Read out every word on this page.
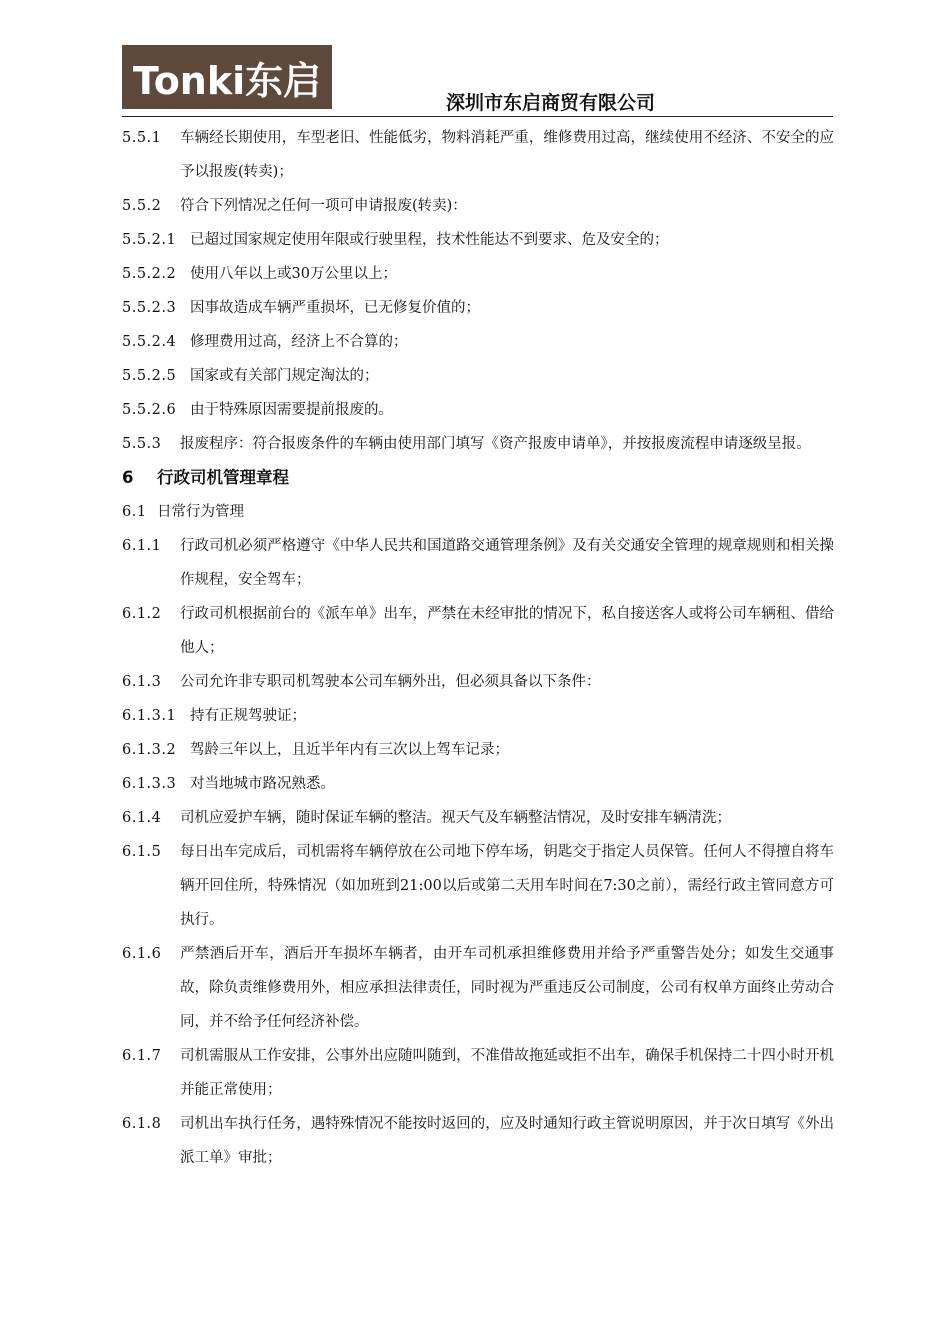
Tonki东启
深圳市东启商贸有限公司
5.5.1 车辆经长期使用，车型老旧、性能低劣，物料消耗严重，维修费用过高，继续使用不经济、不安全的应予以报废(转卖)；
5.5.2 符合下列情况之任何一项可申请报废(转卖)：
5.5.2.1 已超过国家规定使用年限或行驶里程，技术性能达不到要求、危及安全的；
5.5.2.2 使用八年以上或30万公里以上；
5.5.2.3 因事故造成车辆严重损坏，已无修复价值的；
5.5.2.4 修理费用过高，经济上不合算的；
5.5.2.5 国家或有关部门规定淘汰的；
5.5.2.6 由于特殊原因需要提前报废的。
5.5.3 报废程序：符合报废条件的车辆由使用部门填写《资产报废申请单》，并按报废流程申请逐级呈报。
6 行政司机管理章程
6.1 日常行为管理
6.1.1 行政司机必须严格遵守《中华人民共和国道路交通管理条例》及有关交通安全管理的规章规则和相关操作规程，安全驾车；
6.1.2 行政司机根据前台的《派车单》出车，严禁在未经审批的情况下，私自接送客人或将公司车辆租、借给他人；
6.1.3 公司允许非专职司机驾驶本公司车辆外出，但必须具备以下条件：
6.1.3.1 持有正规驾驶证；
6.1.3.2 驾龄三年以上，且近半年内有三次以上驾车记录；
6.1.3.3 对当地城市路况熟悉。
6.1.4 司机应爱护车辆，随时保证车辆的整洁。视天气及车辆整洁情况，及时安排车辆清洗；
6.1.5 每日出车完成后，司机需将车辆停放在公司地下停车场，钥匙交于指定人员保管。任何人不得擅自将车辆开回住所，特殊情况（如加班到21:00以后或第二天用车时间在7:30之前），需经行政主管同意方可执行。
6.1.6 严禁酒后开车，酒后开车损坏车辆者，由开车司机承担维修费用并给予严重警告处分；如发生交通事故，除负责维修费用外，相应承担法律责任，同时视为严重违反公司制度，公司有权单方面终止劳动合同，并不给予任何经济补偿。
6.1.7 司机需服从工作安排，公事外出应随叫随到，不准借故拖延或拒不出车，确保手机保持二十四小时开机并能正常使用；
6.1.8 司机出车执行任务，遇特殊情况不能按时返回的，应及时通知行政主管说明原因，并于次日填写《外出派工单》审批；
